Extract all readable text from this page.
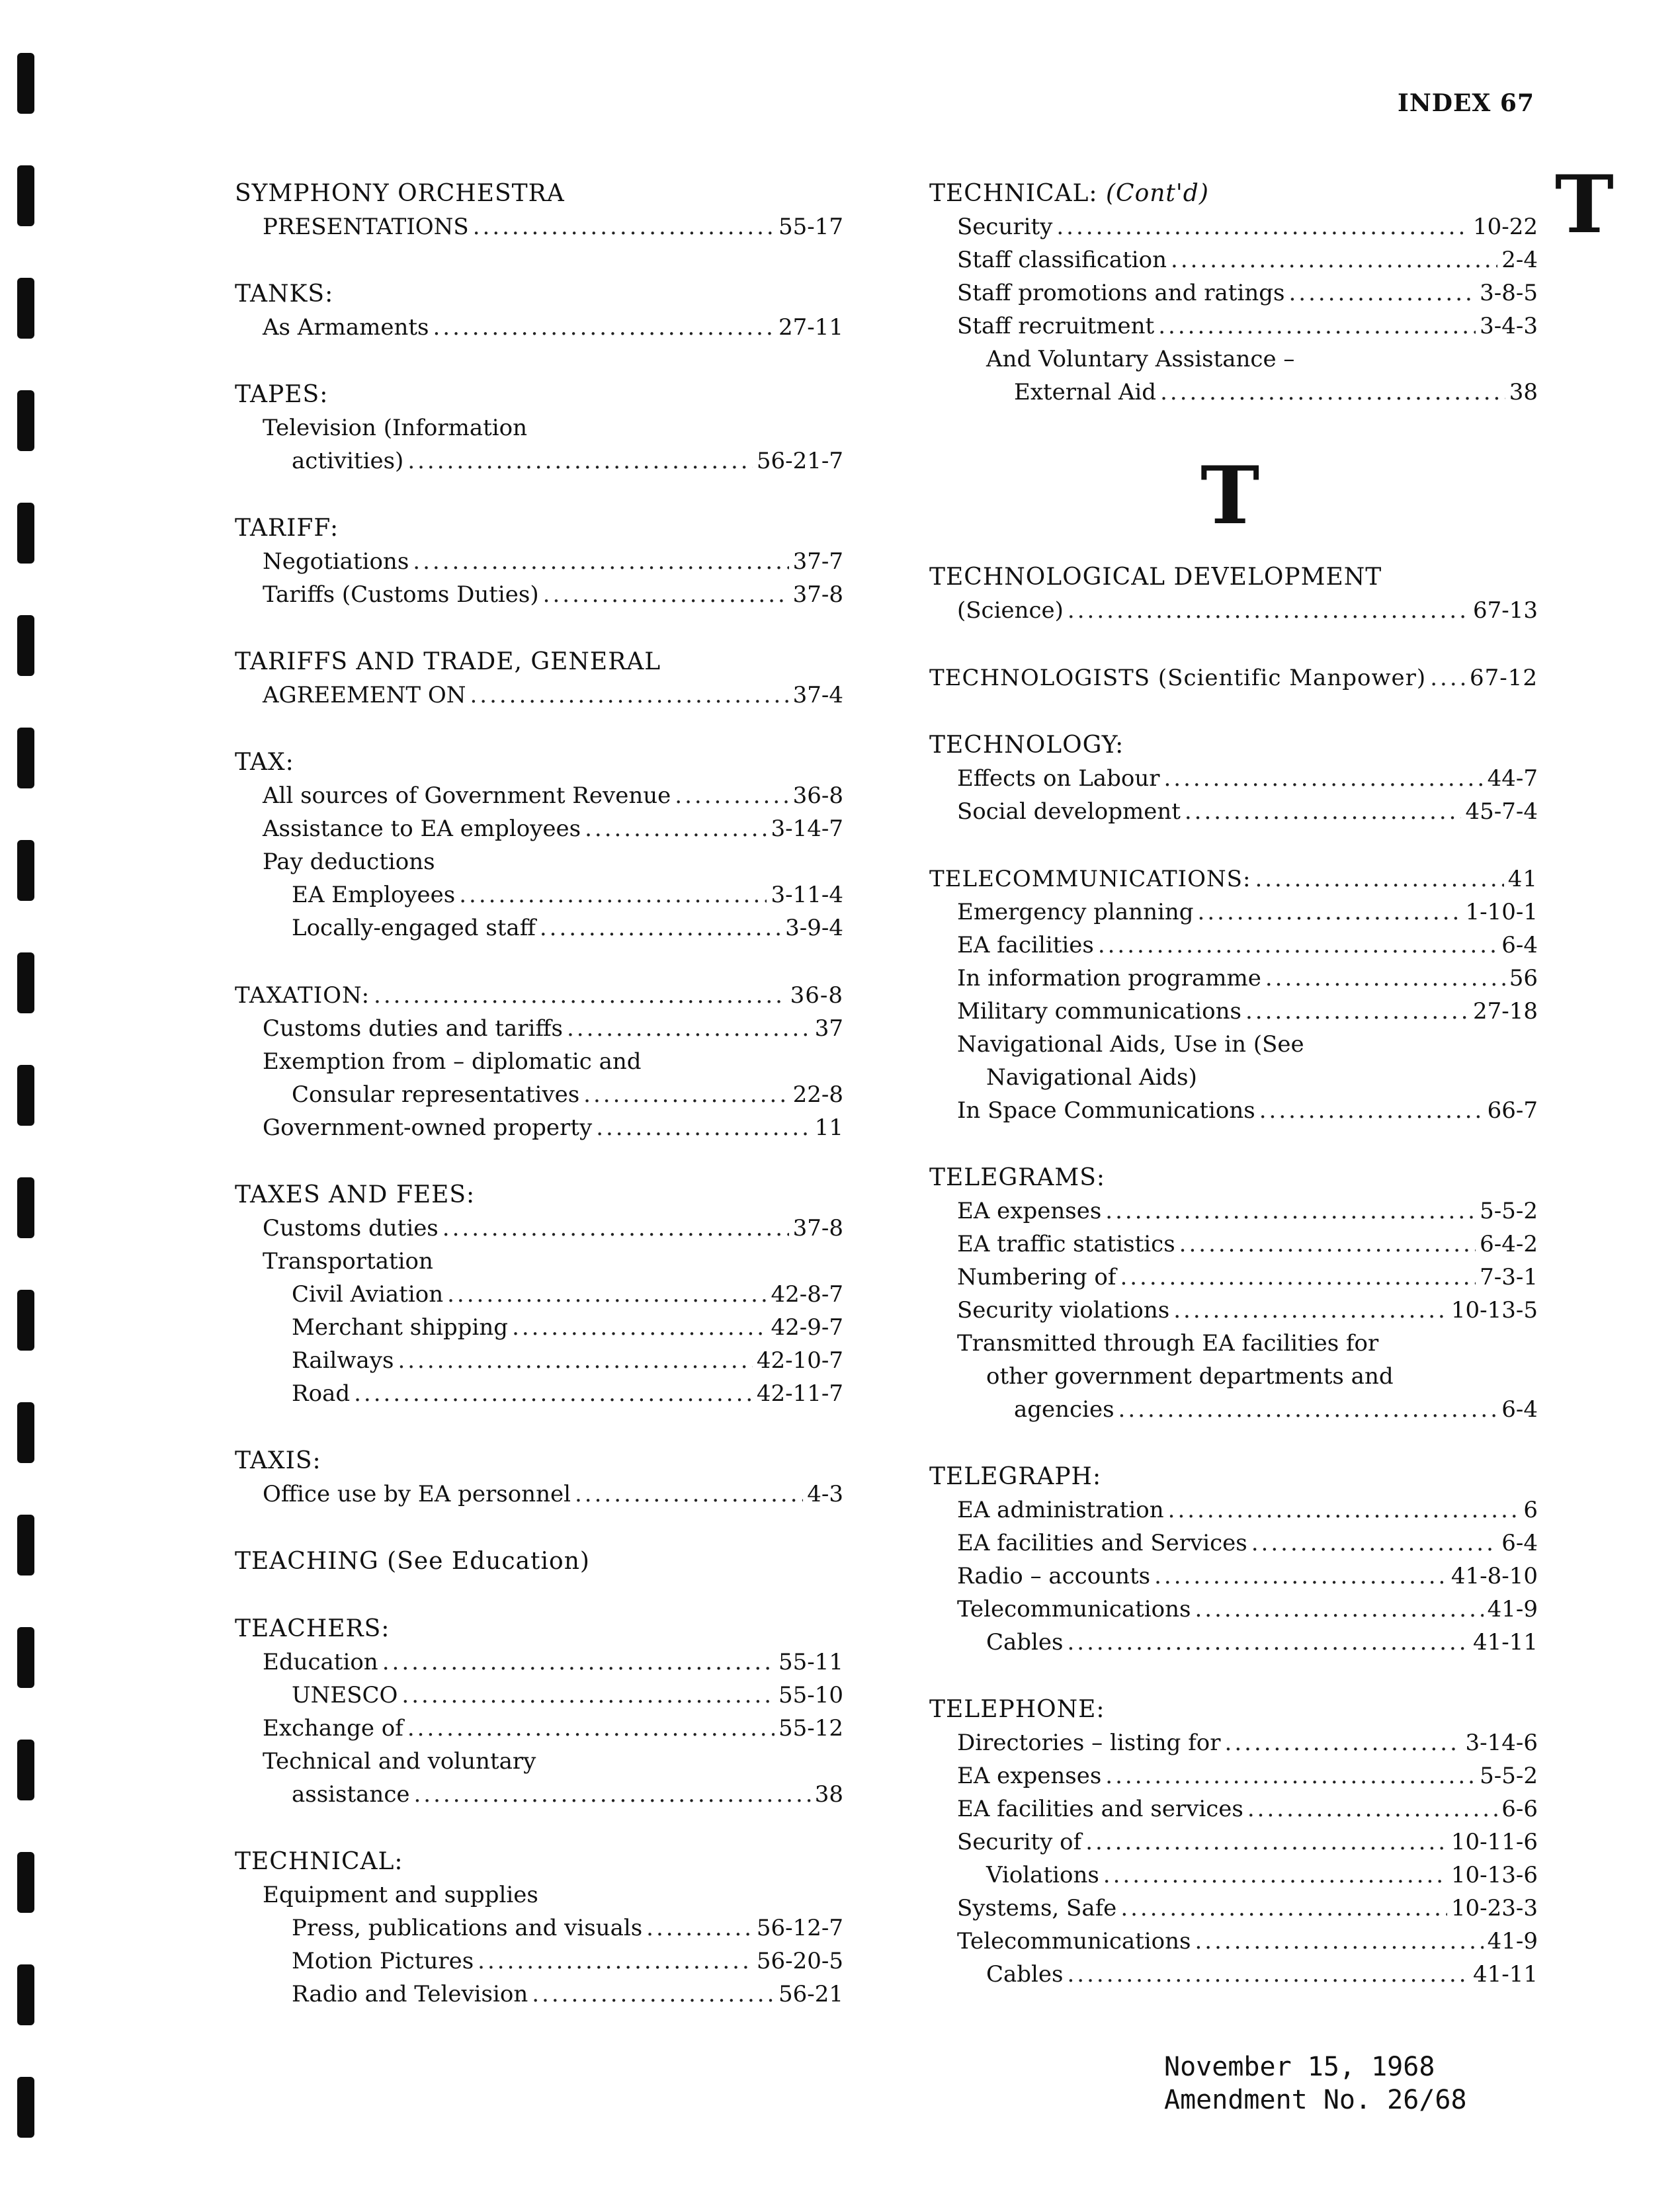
INDEX 67
T
T
SYMPHONY ORCHESTRA
PRESENTATIONS .....	55-17
TANKS:
As Armaments .....	27-11
TAPES:
Television (Information
activities) .....	56-21-7
TARIFF:
Negotiations .....	37-7
Tariffs (Customs Duties) .....	37-8
TARIFFS AND TRADE, GENERAL
AGREEMENT ON .....	37-4
TAX:
All sources of Government Revenue .....	36-8
Assistance to EA employees .....	3-14-7
Pay deductions
EA Employees .....	3-11-4
Locally-engaged staff .....	3-9-4
TAXATION: .....	36-8
Customs duties and tariffs .....	37
Exemption from – diplomatic and
Consular representatives .....	22-8
Government-owned property .....	11
TAXES AND FEES:
Customs duties .....	37-8
Transportation
Civil Aviation .....	42-8-7
Merchant shipping .....	42-9-7
Railways .....	42-10-7
Road .....	42-11-7
TAXIS:
Office use by EA personnel .....	4-3
TEACHING (See Education)
TEACHERS:
Education .....	55-11
UNESCO .....	55-10
Exchange of .....	55-12
Technical and voluntary
assistance .....	38
TECHNICAL:
Equipment and supplies
Press, publications and visuals .....	56-12-7
Motion Pictures .....	56-20-5
Radio and Television .....	56-21
TECHNICAL: (Cont'd)
Security .....	10-22
Staff classification .....	2-4
Staff promotions and ratings .....	3-8-5
Staff recruitment .....	3-4-3
And Voluntary Assistance –
External Aid .....	38
TECHNOLOGICAL DEVELOPMENT
(Science) .....	67-13
TECHNOLOGISTS (Scientific Manpower) ..... 67-12
TECHNOLOGY:
Effects on Labour .....	44-7
Social development .....	45-7-4
TELECOMMUNICATIONS: .....	41
Emergency planning .....	1-10-1
EA facilities .....	6-4
In information programme .....	56
Military communications .....	27-18
Navigational Aids, Use in (See
Navigational Aids)
In Space Communications .....	66-7
TELEGRAMS:
EA expenses .....	5-5-2
EA traffic statistics .....	6-4-2
Numbering of .....	7-3-1
Security violations .....	10-13-5
Transmitted through EA facilities for
other government departments and
agencies .....	6-4
TELEGRAPH:
EA administration .....	6
EA facilities and Services .....	6-4
Radio – accounts .....	41-8-10
Telecommunications .....	41-9
Cables .....	41-11
TELEPHONE:
Directories – listing for .....	3-14-6
EA expenses .....	5-5-2
EA facilities and services .....	6-6
Security of .....	10-11-6
Violations .....	10-13-6
Systems, Safe .....	10-23-3
Telecommunications .....	41-9
Cables .....	41-11
November 15, 1968
Amendment No. 26/68
